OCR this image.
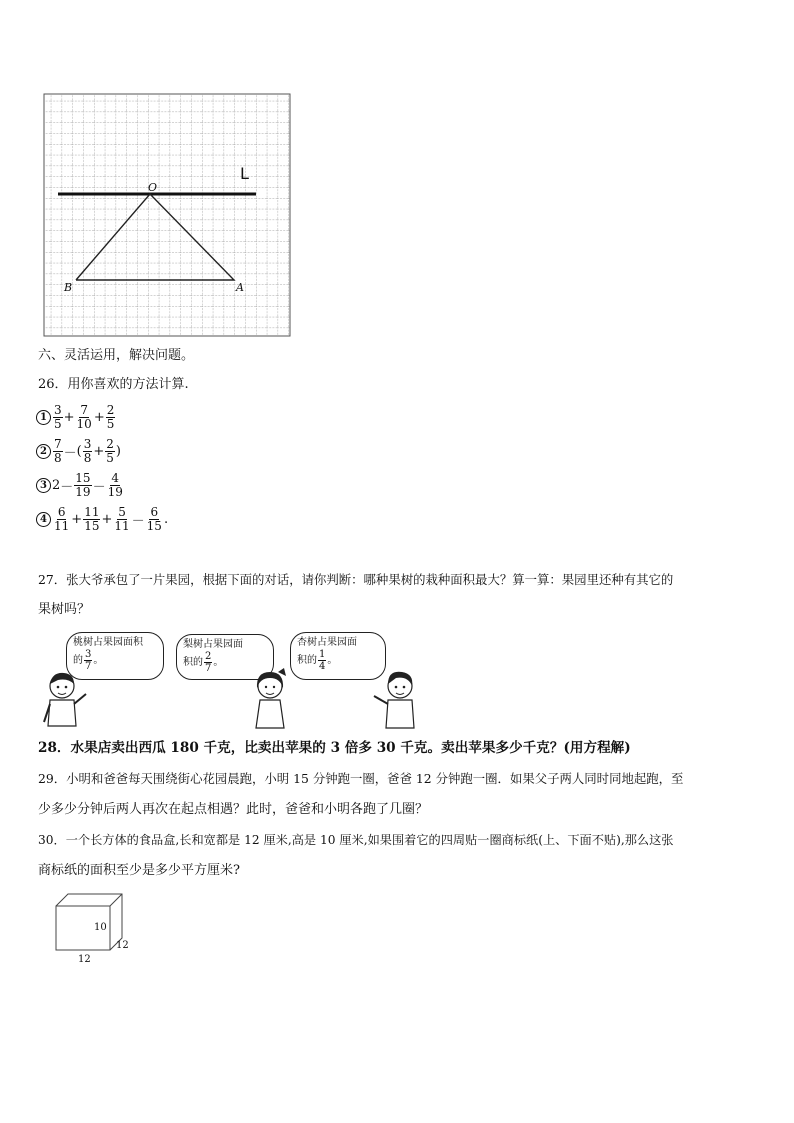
L
O
B	A
六、灵活运用，解决问题。
26．用你喜欢的方法计算.
$1 \frac{3}{5} + \frac{7}{10} + \frac{2}{5}$
$2 \frac{7}{8}$ － ( $\frac{3}{8} + \frac{2}{5}$ )
3 $2 - \frac{15}{19} - \frac{4}{19}$
$4 \frac{6}{11} + \frac{11}{15} + \frac{5}{11} - \frac{6}{15}$ .
27．张大爷承包了一片果园，根据下面的对话，请你判断：哪种果树的栽种面积最大？算一算：果园里还种有其它的
果树吗？
桃树占果园面积
的 $\frac{3}{7}$ 。
梨树占果园面
积的 $\frac{2}{7}$ 。
杏树占果园面
积的 $\frac{1}{4}$ 。
28．水果店卖出西瓜 180 千克，比卖出苹果的 3 倍多 30 千克。卖出苹果多少千克？(用方程解)
29．小明和爸爸每天围绕街心花园晨跑，小明 15 分钟跑一圈，爸爸 12 分钟跑一圈．如果父子两人同时同地起跑，至
少多少分钟后两人再次在起点相遇？此时，爸爸和小明各跑了几圈？
30．一个长方体的食品盒,长和宽都是 12 厘米,高是 10 厘米,如果围着它的四周贴一圈商标纸(上、下面不贴),那么这张
商标纸的面积至少是多少平方厘米?
10
12
12
